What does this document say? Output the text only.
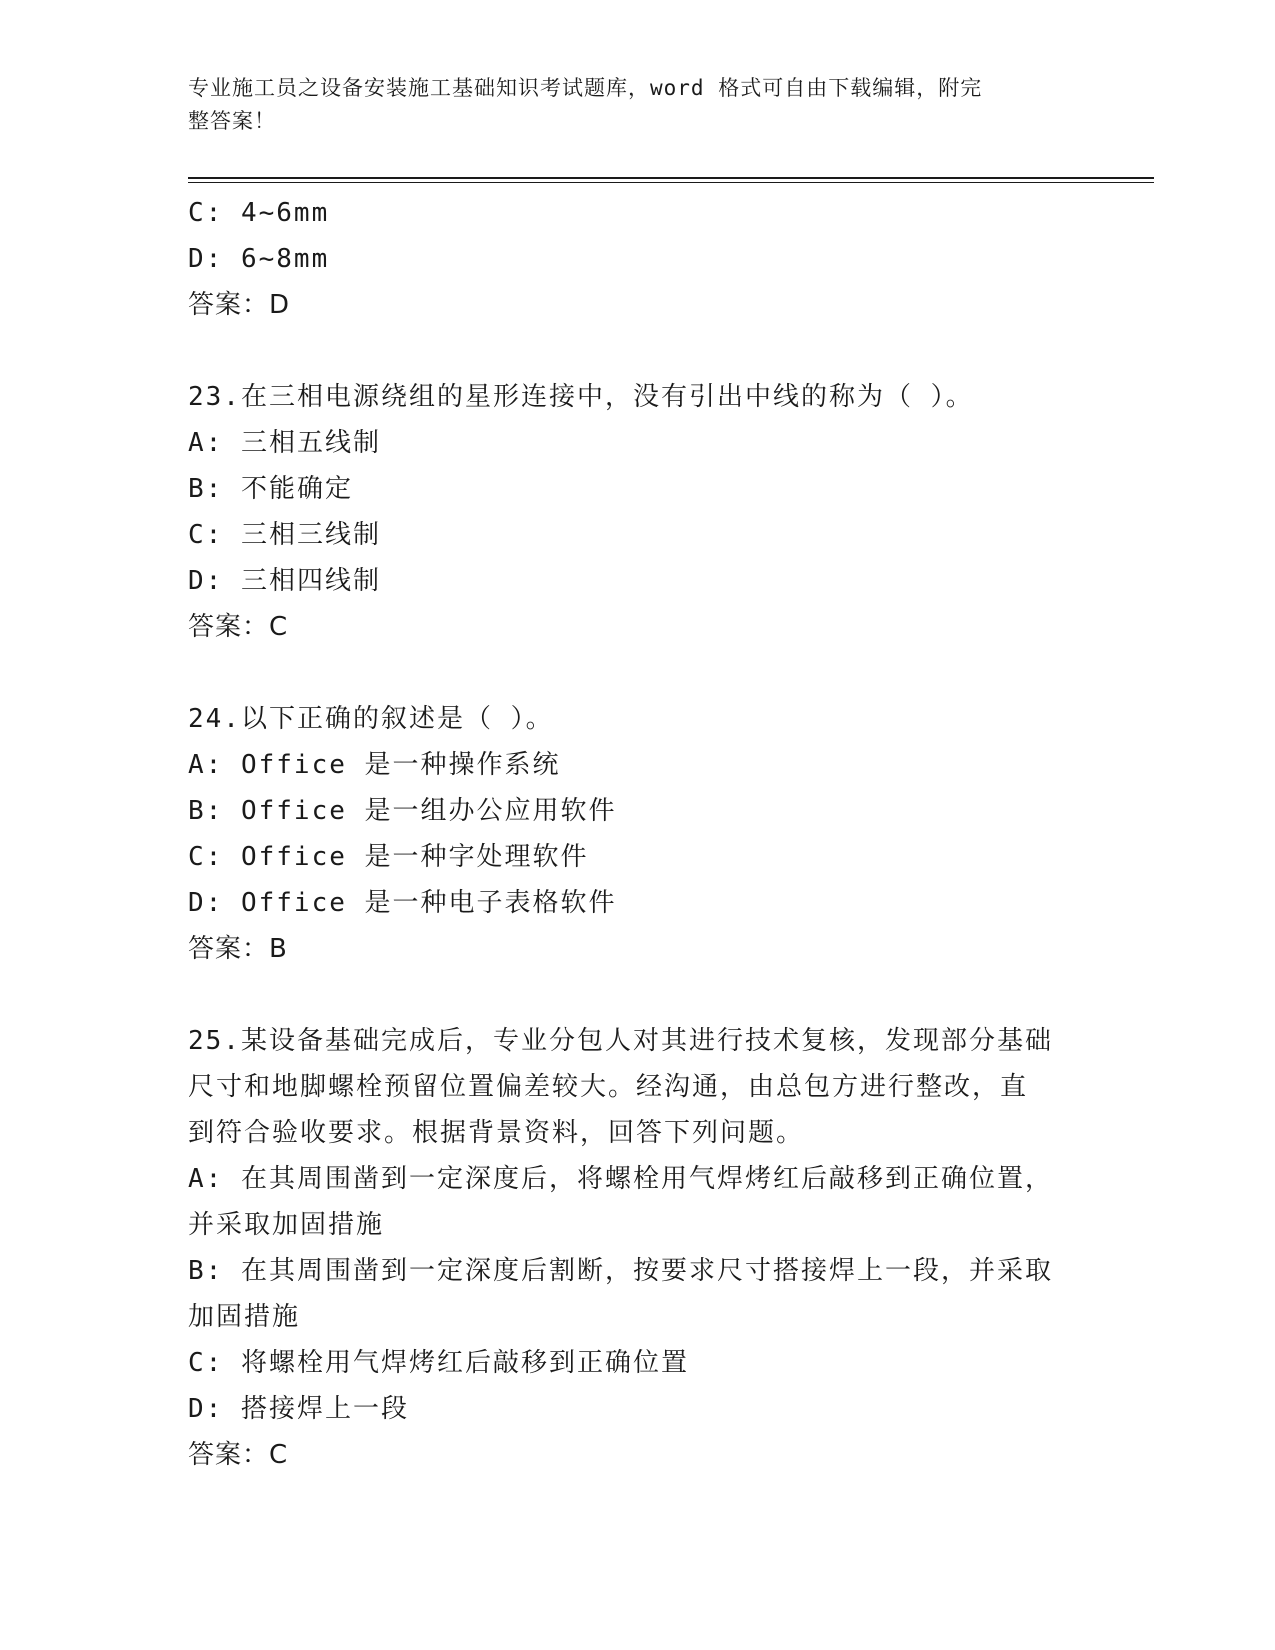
专业施工员之设备安装施工基础知识考试题库，word 格式可自由下载编辑，附完
整答案！
C: 4~6mm
D: 6~8mm
答案：D
23.在三相电源绕组的星形连接中，没有引出中线的称为（ ）。
A: 三相五线制
B: 不能确定
C: 三相三线制
D: 三相四线制
答案：C
24.以下正确的叙述是（ ）。
A: Office 是一种操作系统
B: Office 是一组办公应用软件
C: Office 是一种字处理软件
D: Office 是一种电子表格软件
答案：B
25.某设备基础完成后，专业分包人对其进行技术复核，发现部分基础
尺寸和地脚螺栓预留位置偏差较大。经沟通，由总包方进行整改，直
到符合验收要求。根据背景资料，回答下列问题。
A: 在其周围凿到一定深度后，将螺栓用气焊烤红后敲移到正确位置，
并采取加固措施
B: 在其周围凿到一定深度后割断，按要求尺寸搭接焊上一段，并采取
加固措施
C: 将螺栓用气焊烤红后敲移到正确位置
D: 搭接焊上一段
答案：C
